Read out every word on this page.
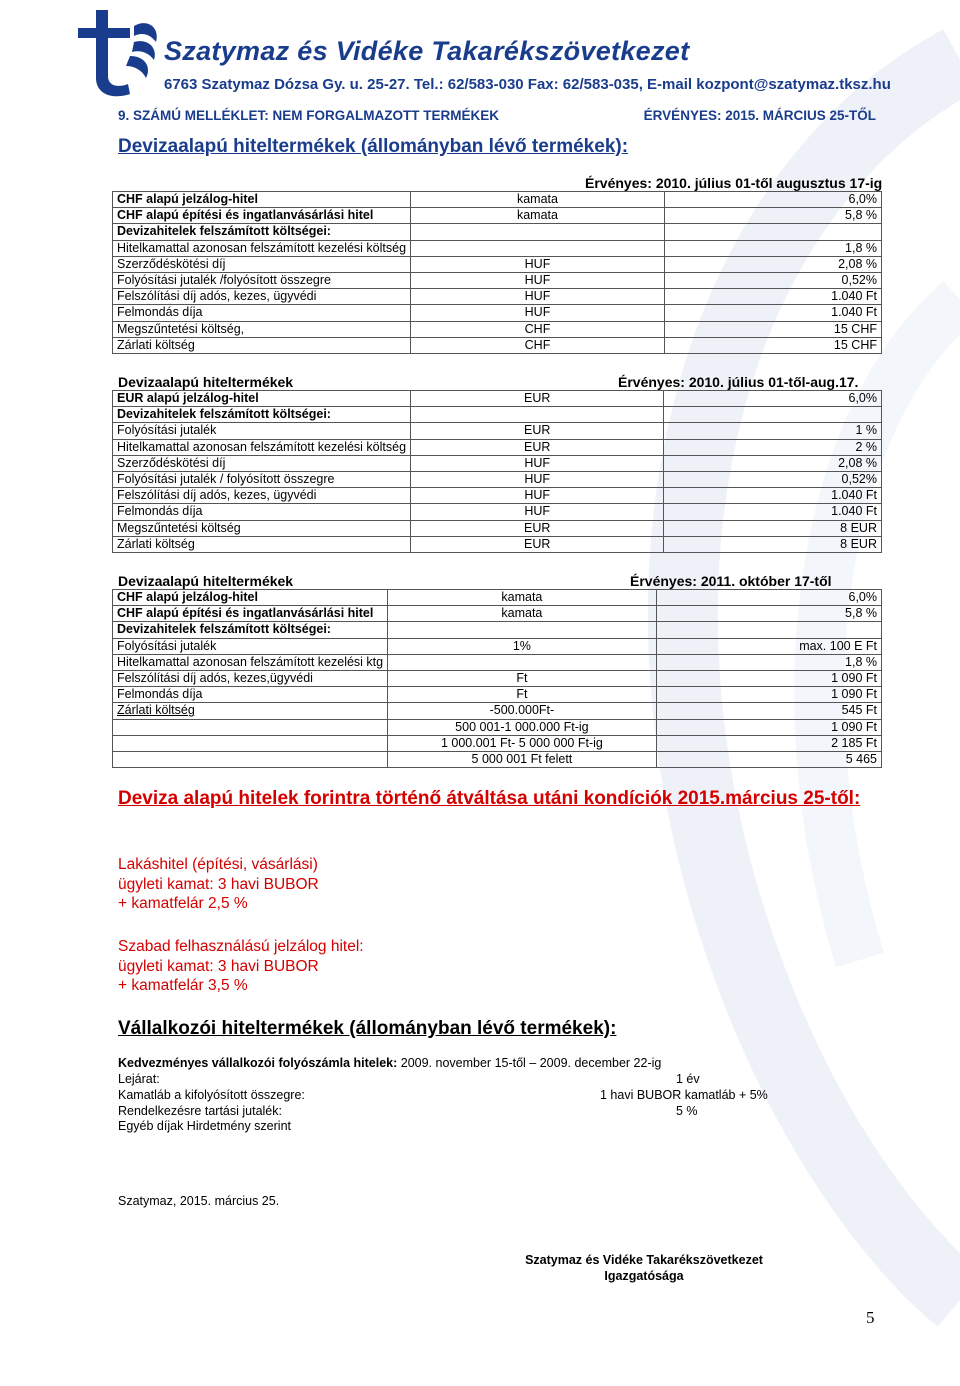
Szatymaz és Vidéke Takarékszövetkezet
6763 Szatymaz Dózsa Gy. u. 25-27. Tel.: 62/583-030 Fax: 62/583-035, E-mail kozpont@szatymaz.tksz.hu
9. SZÁMÚ MELLÉKLET: NEM FORGALMAZOTT TERMÉKEK	ÉRVÉNYES: 2015. MÁRCIUS 25-TŐL
Devizaalapú hiteltermékek (állományban lévő termékek):
Érvényes: 2010. július 01-től augusztus 17-ig
CHF alapú jelzálog-hitel	kamata	6,0%
CHF alapú építési és ingatlanvásárlási hitel	kamata	5,8 %
Devizahitelek felszámított költségei:		
Hitelkamattal azonosan felszámított kezelési költség		1,8 %
Szerződéskötési díj	HUF	2,08 %
Folyósítási jutalék /folyósított összegre	HUF	0,52%
Felszólítási díj adós, kezes, ügyvédi	HUF	1.040 Ft
Felmondás díja	HUF	1.040 Ft
Megszűntetési költség,	CHF	15 CHF
Zárlati költség	CHF	15 CHF
Devizaalapú hiteltermékek	Érvényes: 2010. július 01-től-aug.17.
EUR alapú jelzálog-hitel	EUR	6,0%
Devizahitelek felszámított költségei:		
Folyósítási jutalék	EUR	1 %
Hitelkamattal azonosan felszámított kezelési költség	EUR	2 %
Szerződéskötési díj	HUF	2,08 %
Folyósítási jutalék / folyósított összegre	HUF	0,52%
Felszólítási díj adós, kezes, ügyvédi	HUF	1.040 Ft
Felmondás díja	HUF	1.040 Ft
Megszűntetési költség	EUR	8 EUR
Zárlati költség	EUR	8 EUR
Devizaalapú hiteltermékek	Érvényes: 2011. október 17-től
CHF alapú jelzálog-hitel	kamata	6,0%
CHF alapú építési és ingatlanvásárlási hitel	kamata	5,8 %
Devizahitelek felszámított költségei:		
Folyósítási jutalék	1%	max. 100 E Ft
Hitelkamattal azonosan felszámított kezelési ktg		1,8 %
Felszólítási díj adós, kezes,ügyvédi	Ft	1 090 Ft
Felmondás díja	Ft	1 090 Ft
Zárlati költség	-500.000Ft-	545 Ft
	500 001-1 000.000 Ft-ig	1 090 Ft
	1 000.001 Ft- 5 000 000 Ft-ig	2 185 Ft
	5 000 001 Ft felett	5 465
Deviza alapú hitelek forintra történő átváltása utáni kondíciók 2015.március 25-től:
Lakáshitel (építési, vásárlási)
ügyleti kamat: 3 havi BUBOR
+ kamatfelár 2,5 %
Szabad felhasználású jelzálog hitel:
ügyleti kamat: 3 havi BUBOR
+ kamatfelár 3,5 %
Vállalkozói hiteltermékek (állományban lévő termékek):
Kedvezményes vállalkozói folyószámla hitelek: 2009. november 15-től – 2009. december 22-ig
Lejárat:	1 év
Kamatláb a kifolyósított összegre:	1 havi BUBOR kamatláb + 5%
Rendelkezésre tartási jutalék:	5 %
Egyéb díjak Hirdetmény szerint
Szatymaz, 2015. március 25.
Szatymaz és Vidéke Takarékszövetkezet
Igazgatósága
5
